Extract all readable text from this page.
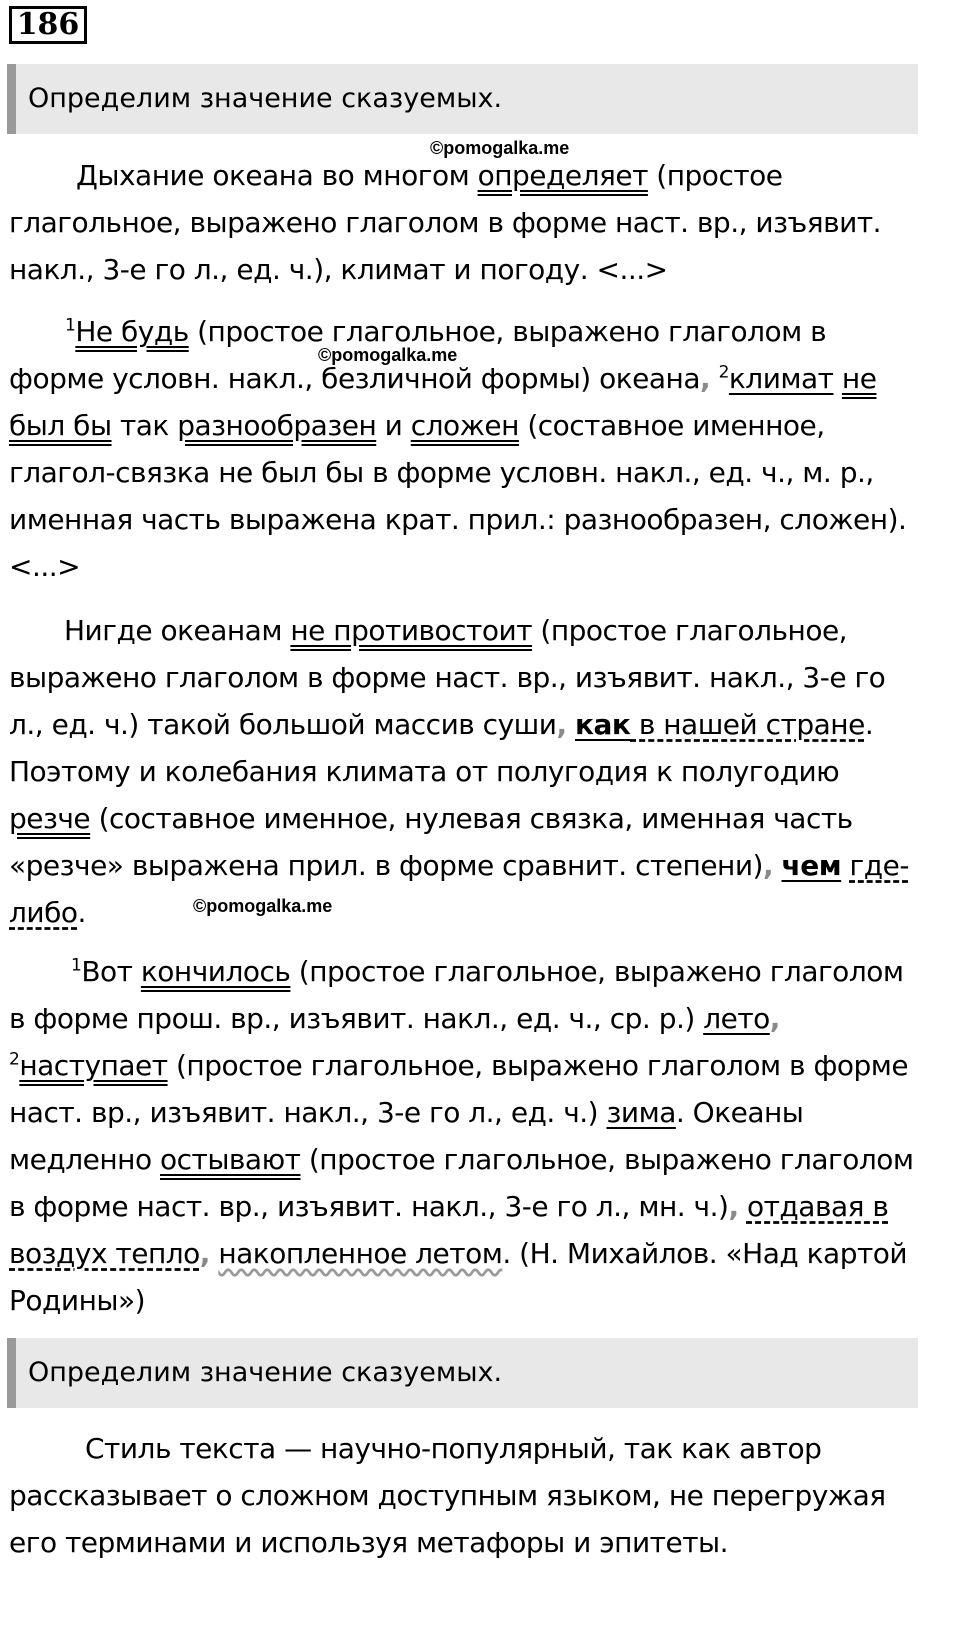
186
Определим значение сказуемых.
©pomogalka.me

Дыхание океана во многом определяет (простое глагольное, выражено глаголом в форме наст. вр., изъявит. накл., 3-е го л., ед. ч.), климат и погоду. <...>

$^1$Не будь (простое глагольное, выражено глаголом в форме условн. накл., безличной формы) океана, $^2$климат не был бы так разнообразен и сложен (составное именное, глагол-связка не был бы в форме условн. накл., ед. ч., м. р., именная часть выражена крат. прил.: разнообразен, сложен). <...>

©pomogalka.me

Нигде океанам не противостоит (простое глагольное, выражено глаголом в форме наст. вр., изъявит. накл., 3-е го л., ед. ч.) такой большой массив суши, как в нашей стране. Поэтому и колебания климата от полугодия к полугодию резче (составное именное, нулевая связка, именная часть «резче» выражена прил. в форме сравнит. степени), чем где-либо.	©pomogalka.me

$^1$Вот кончилось (простое глагольное, выражено глаголом в форме прош. вр., изъявит. накл., ед. ч., ср. р.) лето, $^2$наступает (простое глагольное, выражено глаголом в форме наст. вр., изъявит. накл., 3-е го л., ед. ч.) зима. Океаны медленно остывают (простое глагольное, выражено глаголом в форме наст. вр., изъявит. накл., 3-е го л., мн. ч.), отдавая в воздух тепло, накопленное летом. (Н. Михайлов. «Над картой Родины»)

Определим значение сказуемых.

Стиль текста — научно-популярный, так как автор рассказывает о сложном доступным языком, не перегружая его терминами и используя метафоры и эпитеты.
